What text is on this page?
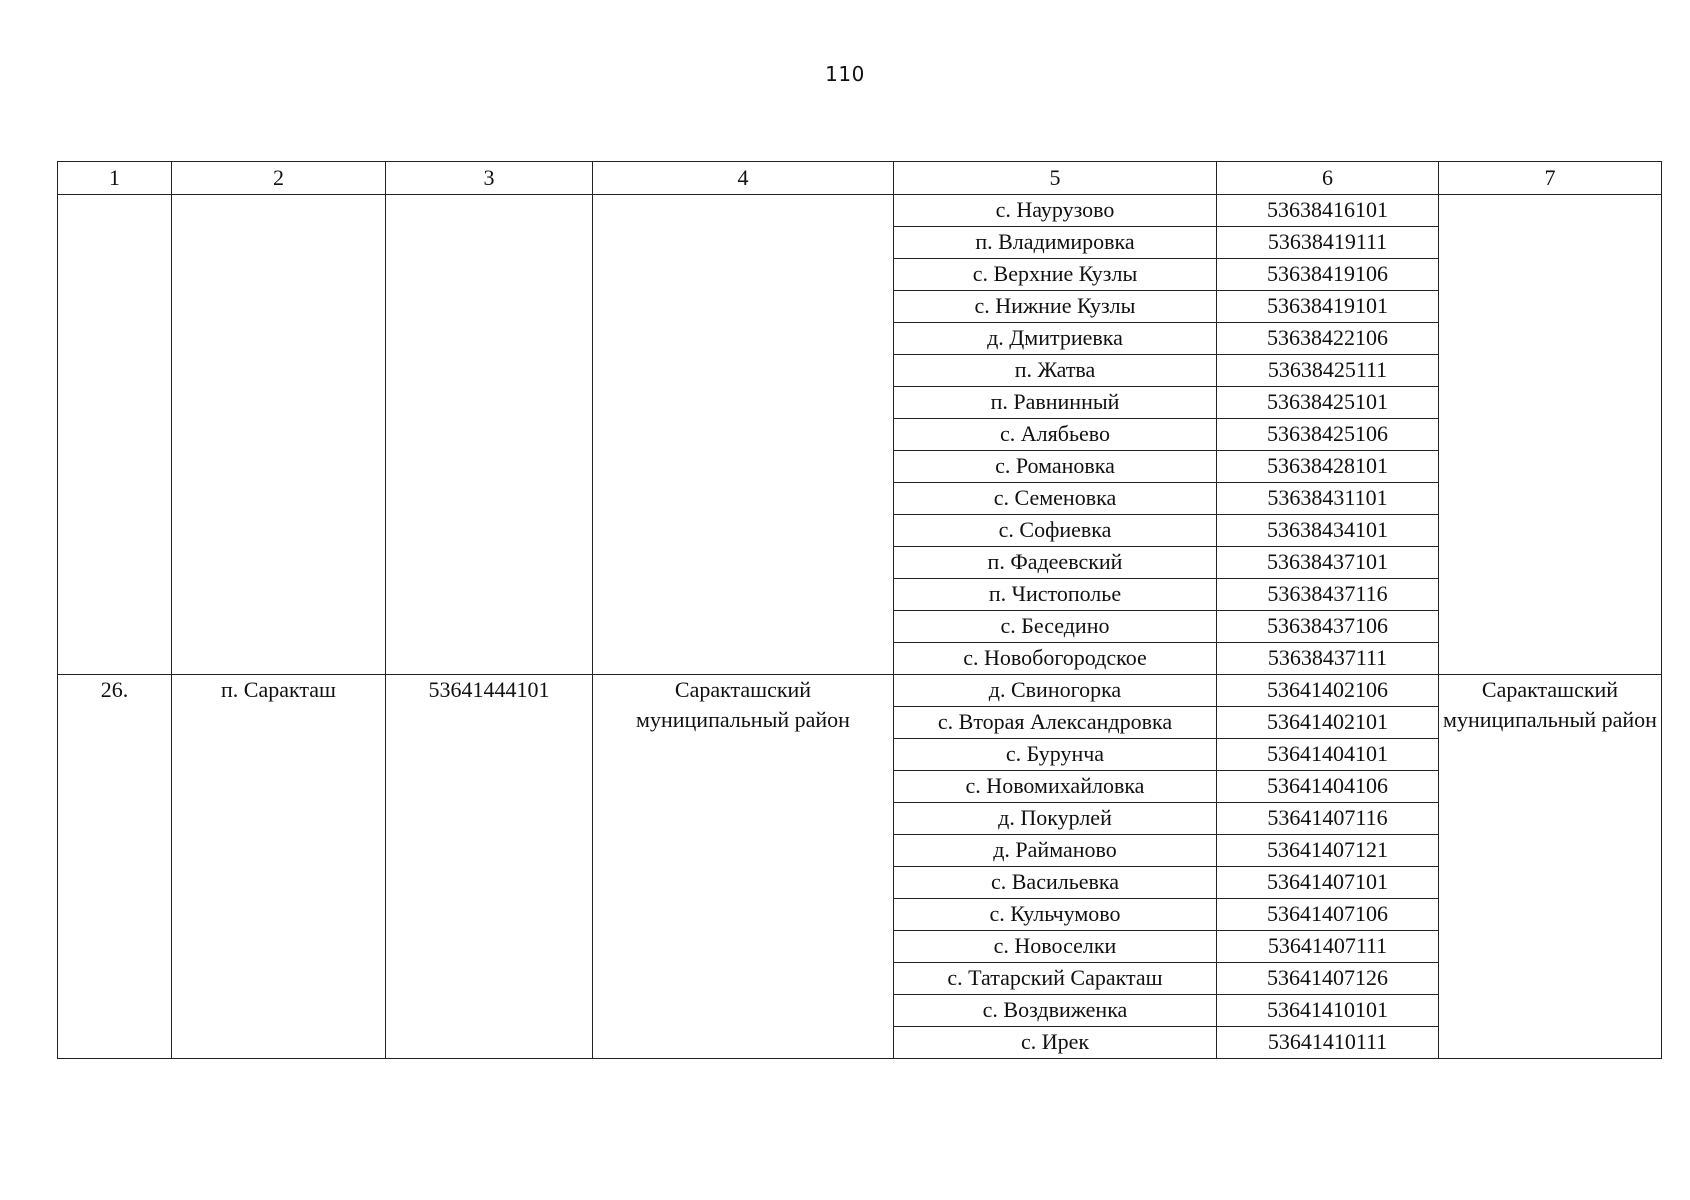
110
1	2	3	4	5	6	7
				с. Наурузово	53638416101	
				п. Владимировка	53638419111	
				с. Верхние Кузлы	53638419106	
				с. Нижние Кузлы	53638419101	
				д. Дмитриевка	53638422106	
				п. Жатва	53638425111	
				п. Равнинный	53638425101	
				с. Алябьево	53638425106	
				с. Романовка	53638428101	
				с. Семеновка	53638431101	
				с. Софиевка	53638434101	
				п. Фадеевский	53638437101	
				п. Чистополье	53638437116	
				с. Беседино	53638437106	
				с. Новобогородское	53638437111	
26.	п. Саракташ	53641444101	Саракташский муниципальный район	д. Свиногорка	53641402106	Саракташский муниципальный район
				с. Вторая Александровка	53641402101	
				с. Бурунча	53641404101	
				с. Новомихайловка	53641404106	
				д. Покурлей	53641407116	
				д. Райманово	53641407121	
				с. Васильевка	53641407101	
				с. Кульчумово	53641407106	
				с. Новоселки	53641407111	
				с. Татарский Саракташ	53641407126	
				с. Воздвиженка	53641410101	
				с. Ирек	53641410111	
